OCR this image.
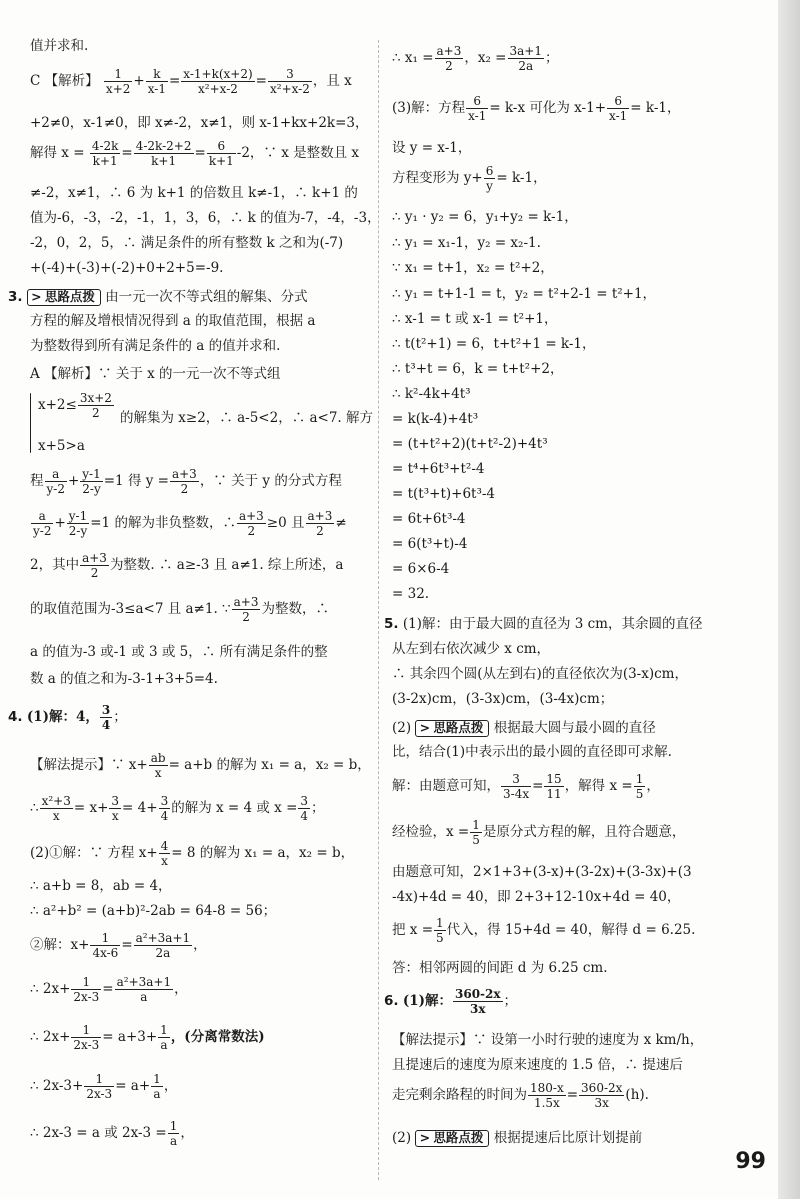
值并求和.
C 【解析】 $\frac{1}{x+2} + \frac{k}{x-1} = \frac{x-1+k(x+2)}{\text{x²+x-2}} = \frac{3}{\text{x²+x-2}}$ ，且 x
+2≠0，x-1≠0，即 x≠-2，x≠1，则 x-1+kx+2k=3，
解得 $x = \frac{4-2k}{k+1} = \frac{4-2k-2+2}{k+1} = \frac{6}{k+1} -2$，∵ x 是整数且 x
≠-2，x≠1，∴ 6 为 k+1 的倍数且 k≠-1，∴ k+1 的
值为-6，-3，-2，-1，1，3，6，∴ k 的值为-7，-4，-3，
-2，0，2，5，∴ 满足条件的所有整数 k 之和为(-7)
+(-4)+(-3)+(-2)+0+2+5=-9.
3. > 思路点拨 由一元一次不等式组的解集、分式
方程的解及增根情况得到 a 的取值范围，根据 a
为整数得到所有满足条件的 a 的值并求和.
A 【解析】∵ 关于 x 的一元一次不等式组
$x+2\le \frac{3x+2}{2}$ 的解集为 x≥2，∴ a-5<2，∴ a<7. 解方
x+5>a
程 $\frac{a}{y-2} + \frac{y-1}{2-y} =1$ 得 $y = \frac{a+3}{2}$ ，∵ 关于 y 的分式方程
$\frac{a}{y-2} + \frac{y-1}{2-y} =1$ 的解为非负整数，∴ $\frac{a+3}{2} \ge 0$ 且 $\frac{a+3}{2}$ ≠
2，其中 $\frac{a+3}{2}$ 为整数. ∴ a≥-3 且 a≠1. 综上所述，a
的取值范围为-3≤a<7 且 a≠1. ∵ $\frac{a+3}{2}$ 为整数，∴
a 的值为-3 或-1 或 3 或 5，∴ 所有满足条件的整
数 a 的值之和为-3-1+3+5=4.
4. (1)解：4， $\frac{3}{4}$ ；
【解法提示】∵ $x+ \frac{ab}{x} = a+b$ 的解为 x₁ = a，x₂ = b，
∴ $\frac{\text{x²+3}}{x} = x+ \frac{3}{x} = 4+ \frac{3}{4}$ 的解为 x = 4 或 $x = \frac{3}{4}$ ；
(2)①解：∵ 方程 $x+ \frac{4}{x} = 8$ 的解为 x₁ = a，x₂ = b，
∴ a+b = 8，ab = 4，
∴ a²+b² = (a+b)²-2ab = 64-8 = 56；
②解：$x+ \frac{1}{4x-6} = \frac{\text{a²+3a+1}}{2a}$ ，
∴ $2x+ \frac{1}{2x-3} = \frac{\text{a²+3a+1}}{a}$ ，
∴ $2x+ \frac{1}{2x-3} = a+3+ \frac{1}{a}$ ，(分离常数法)
∴ $2x-3+ \frac{1}{2x-3} = a+ \frac{1}{a}$ ，
∴ 2x-3 = a 或 $2x-3 = \frac{1}{a}$ ，
∴ $x_1 = \frac{a+3}{2}$ ，$x_2 = \frac{3a+1}{2a}$ ；
(3)解：方程 $\frac{6}{x-1} = k-x$ 可化为 $x-1+ \frac{6}{x-1} = k-1$，
设 y = x-1，
方程变形为 $y+ \frac{6}{y} = k-1$，
∴ y₁ · y₂ = 6，y₁+y₂ = k-1，
∴ y₁ = x₁-1，y₂ = x₂-1.
∵ x₁ = t+1，x₂ = t²+2，
∴ y₁ = t+1-1 = t，y₂ = t²+2-1 = t²+1，
∴ x-1 = t 或 x-1 = t²+1，
∴ t(t²+1) = 6，t+t²+1 = k-1，
∴ t³+t = 6，k = t+t²+2，
∴ k²-4k+4t³
= k(k-4)+4t³
= (t+t²+2)(t+t²-2)+4t³
= t⁴+6t³+t²-4
= t(t³+t)+6t³-4
= 6t+6t³-4
= 6(t³+t)-4
= 6×6-4
= 32.
5. (1)解：由于最大圆的直径为 3 cm，其余圆的直径
从左到右依次减少 x cm，
∴ 其余四个圆(从左到右)的直径依次为(3-x)cm，
(3-2x)cm，(3-3x)cm，(3-4x)cm；
(2) > 思路点拨 根据最大圆与最小圆的直径
比，结合(1)中表示出的最小圆的直径即可求解.
解：由题意可知， $\frac{3}{3-4x} = \frac{15}{11}$ ，解得 $x = \frac{1}{5}$ ，
经检验，$x = \frac{1}{5}$ 是原分式方程的解，且符合题意，
由题意可知，2×1+3+(3-x)+(3-2x)+(3-3x)+(3
-4x)+4d = 40，即 2+3+12-10x+4d = 40，
把 $x = \frac{1}{5}$ 代入，得 15+4d = 40，解得 d = 6.25.
答：相邻两圆的间距 d 为 6.25 cm.
6. (1)解： $\frac{360-2x}{3x}$ ；
【解法提示】∵ 设第一小时行驶的速度为 x km/h，
且提速后的速度为原来速度的 1.5 倍，∴ 提速后
走完剩余路程的时间为 $\frac{180-x}{1.5x} = \frac{360-2x}{3x} (h)$.
(2) > 思路点拨 根据提速后比原计划提前
99
